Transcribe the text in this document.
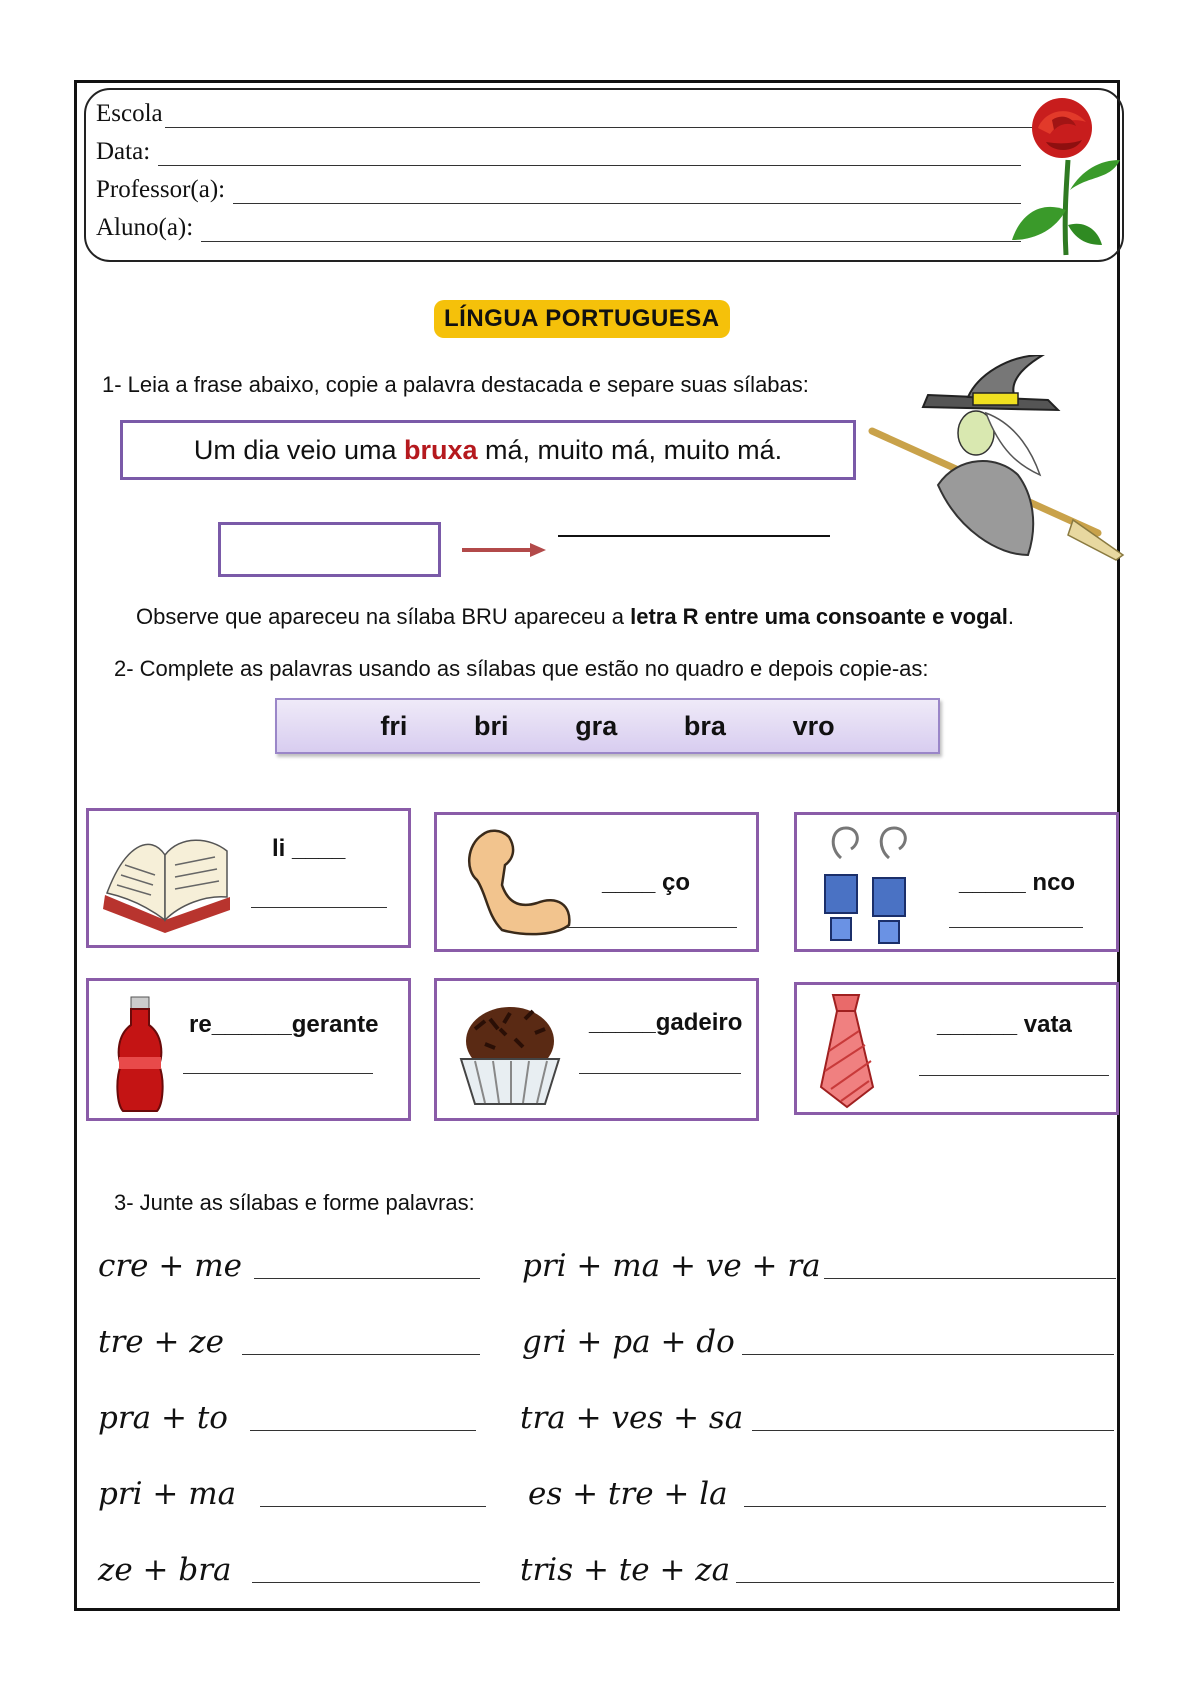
Escola
Data:
Professor(a):
Aluno(a):
LÍNGUA PORTUGUESA
1- Leia a frase abaixo, copie a palavra destacada e separe suas sílabas:
Um dia veio uma bruxa má, muito má, muito má.
Observe que apareceu na sílaba BRU apareceu a letra R entre uma consoante e vogal.
2- Complete as palavras usando as sílabas que estão no quadro e depois copie-as:
fri bri gra bra vro
li ____
____ ço	_____ nco
re______gerante	_____gadeiro	______ vata
3- Junte as sílabas e forme palavras:
cre + me	pri + ma + ve + ra
tre + ze	gri + pa + do
pra + to	tra + ves + sa
pri + ma	es + tre + la
ze + bra	tris + te + za
